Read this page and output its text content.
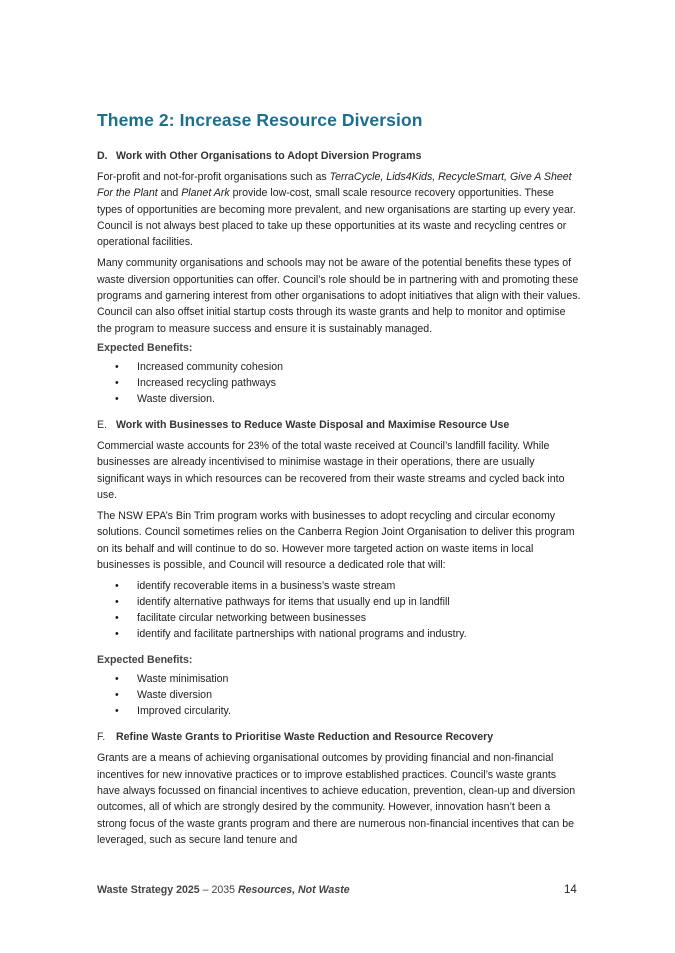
Theme 2: Increase Resource Diversion
D. Work with Other Organisations to Adopt Diversion Programs

For-profit and not-for-profit organisations such as TerraCycle, Lids4Kids, RecycleSmart, Give A Sheet For the Plant and Planet Ark provide low-cost, small scale resource recovery opportunities. These types of opportunities are becoming more prevalent, and new organisations are starting up every year. Council is not always best placed to take up these opportunities at its waste and recycling centres or operational facilities.

Many community organisations and schools may not be aware of the potential benefits these types of waste diversion opportunities can offer. Council’s role should be in partnering with and promoting these programs and garnering interest from other organisations to adopt initiatives that align with their values. Council can also offset initial startup costs through its waste grants and help to monitor and optimise the program to measure success and ensure it is sustainably managed.

Expected Benefits:
• Increased community cohesion
• Increased recycling pathways
• Waste diversion.
E. Work with Businesses to Reduce Waste Disposal and Maximise Resource Use

Commercial waste accounts for 23% of the total waste received at Council’s landfill facility. While businesses are already incentivised to minimise wastage in their operations, there are usually significant ways in which resources can be recovered from their waste streams and cycled back into use.

The NSW EPA’s Bin Trim program works with businesses to adopt recycling and circular economy solutions. Council sometimes relies on the Canberra Region Joint Organisation to deliver this program on its behalf and will continue to do so. However more targeted action on waste items in local businesses is possible, and Council will resource a dedicated role that will:

• identify recoverable items in a business’s waste stream
• identify alternative pathways for items that usually end up in landfill
• facilitate circular networking between businesses
• identify and facilitate partnerships with national programs and industry.
Expected Benefits:
• Waste minimisation
• Waste diversion
• Improved circularity.
F. Refine Waste Grants to Prioritise Waste Reduction and Resource Recovery

Grants are a means of achieving organisational outcomes by providing financial and non-financial incentives for new innovative practices or to improve established practices. Council’s waste grants have always focussed on financial incentives to achieve education, prevention, clean-up and diversion outcomes, all of which are strongly desired by the community. However, innovation hasn’t been a strong focus of the waste grants program and there are numerous non-financial incentives that can be leveraged, such as secure land tenure and

Waste Strategy 2025 – 2035 Resources, Not Waste	14
